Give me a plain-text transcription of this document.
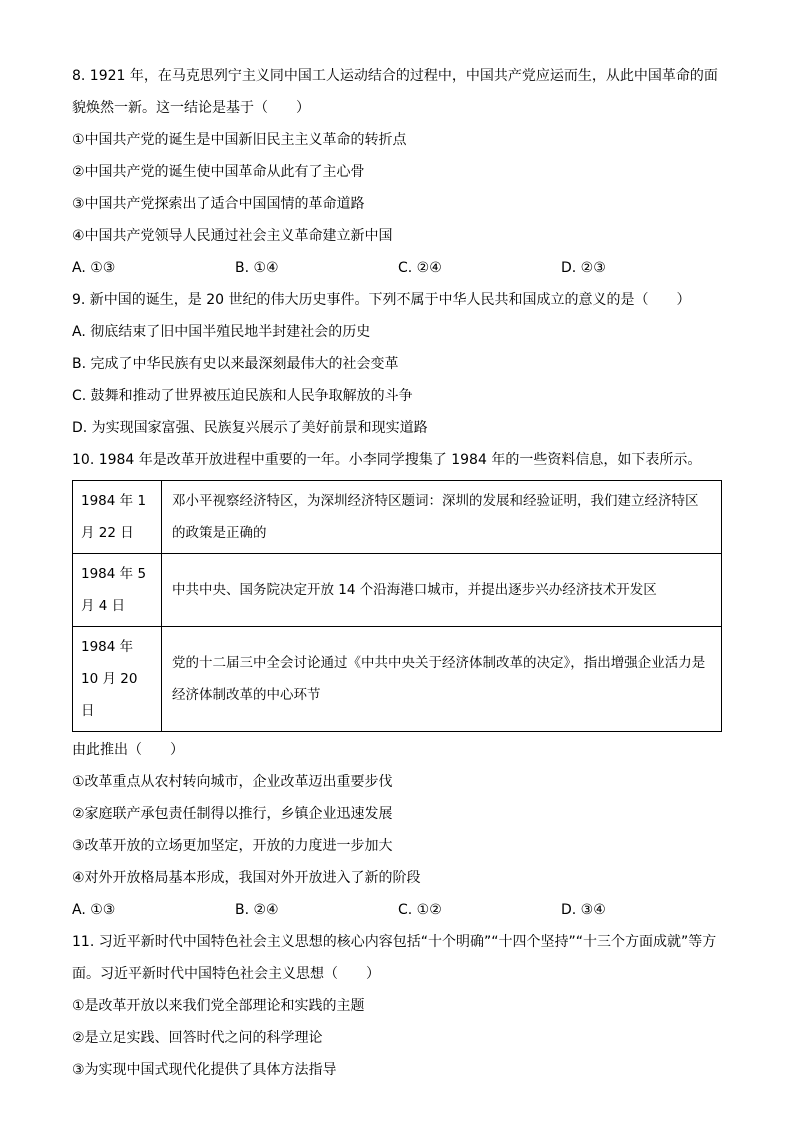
8. 1921 年，在马克思列宁主义同中国工人运动结合的过程中，中国共产党应运而生，从此中国革命的面貌焕然一新。这一结论是基于（　　）

①中国共产党的诞生是中国新旧民主主义革命的转折点

②中国共产党的诞生使中国革命从此有了主心骨

③中国共产党探索出了适合中国国情的革命道路

④中国共产党领导人民通过社会主义革命建立新中国

A. ①③	B. ①④	C. ②④	D. ②③

9. 新中国的诞生，是 20 世纪的伟大历史事件。下列不属于中华人民共和国成立的意义的是（　　）

A. 彻底结束了旧中国半殖民地半封建社会的历史

B. 完成了中华民族有史以来最深刻最伟大的社会变革

C. 鼓舞和推动了世界被压迫民族和人民争取解放的斗争

D. 为实现国家富强、民族复兴展示了美好前景和现实道路

10. 1984 年是改革开放进程中重要的一年。小李同学搜集了 1984 年的一些资料信息，如下表所示。

1984 年 1 月 22 日	邓小平视察经济特区，为深圳经济特区题词：深圳的发展和经验证明，我们建立经济特区的政策是正确的
1984 年 5 月 4 日	中共中央、国务院决定开放 14 个沿海港口城市，并提出逐步兴办经济技术开发区
1984 年 10 月 20 日	党的十二届三中全会讨论通过《中共中央关于经济体制改革的决定》，指出增强企业活力是经济体制改革的中心环节

由此推出（　　）

①改革重点从农村转向城市，企业改革迈出重要步伐

②家庭联产承包责任制得以推行，乡镇企业迅速发展

③改革开放的立场更加坚定，开放的力度进一步加大

④对外开放格局基本形成，我国对外开放进入了新的阶段

A. ①③	B. ②④	C. ①②	D. ③④

11. 习近平新时代中国特色社会主义思想的核心内容包括“十个明确”“十四个坚持”“十三个方面成就”等方面。习近平新时代中国特色社会主义思想（　　）

①是改革开放以来我们党全部理论和实践的主题

②是立足实践、回答时代之问的科学理论

③为实现中国式现代化提供了具体方法指导
